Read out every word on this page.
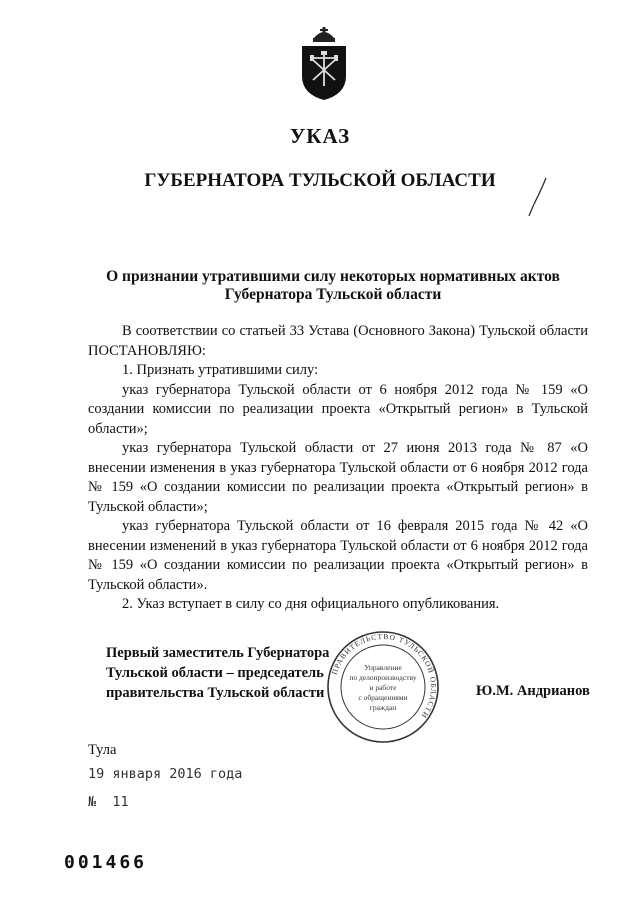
УКАЗ
ГУБЕРНАТОРА ТУЛЬСКОЙ ОБЛАСТИ
О признании утратившими силу некоторых нормативных актов
Губернатора Тульской области

В соответствии со статьей 33 Устава (Основного Закона) Тульской области ПОСТАНОВЛЯЮ:

1. Признать утратившими силу:

указ губернатора Тульской области от 6 ноября 2012 года № 159 «О создании комиссии по реализации проекта «Открытый регион» в Тульской области»;

указ губернатора Тульской области от 27 июня 2013 года № 87 «О внесении изменения в указ губернатора Тульской области от 6 ноября 2012 года № 159 «О создании комиссии по реализации проекта «Открытый регион» в Тульской области»;

указ губернатора Тульской области от 16 февраля 2015 года № 42 «О внесении изменений в указ губернатора Тульской области от 6 ноября 2012 года № 159 «О создании комиссии по реализации проекта «Открытый регион» в Тульской области».

2. Указ вступает в силу со дня официального опубликования.

Первый заместитель Губернатора
Тульской области – председатель
правительства Тульской области
ПРАВИТЕЛЬСТВО ТУЛЬСКОЙ ОБЛАСТИ
Управление
по делопроизводству
и работе
с обращениями
граждан
Ю.М. Андрианов
Тула
19 января 2016 года
№ 11
001466
